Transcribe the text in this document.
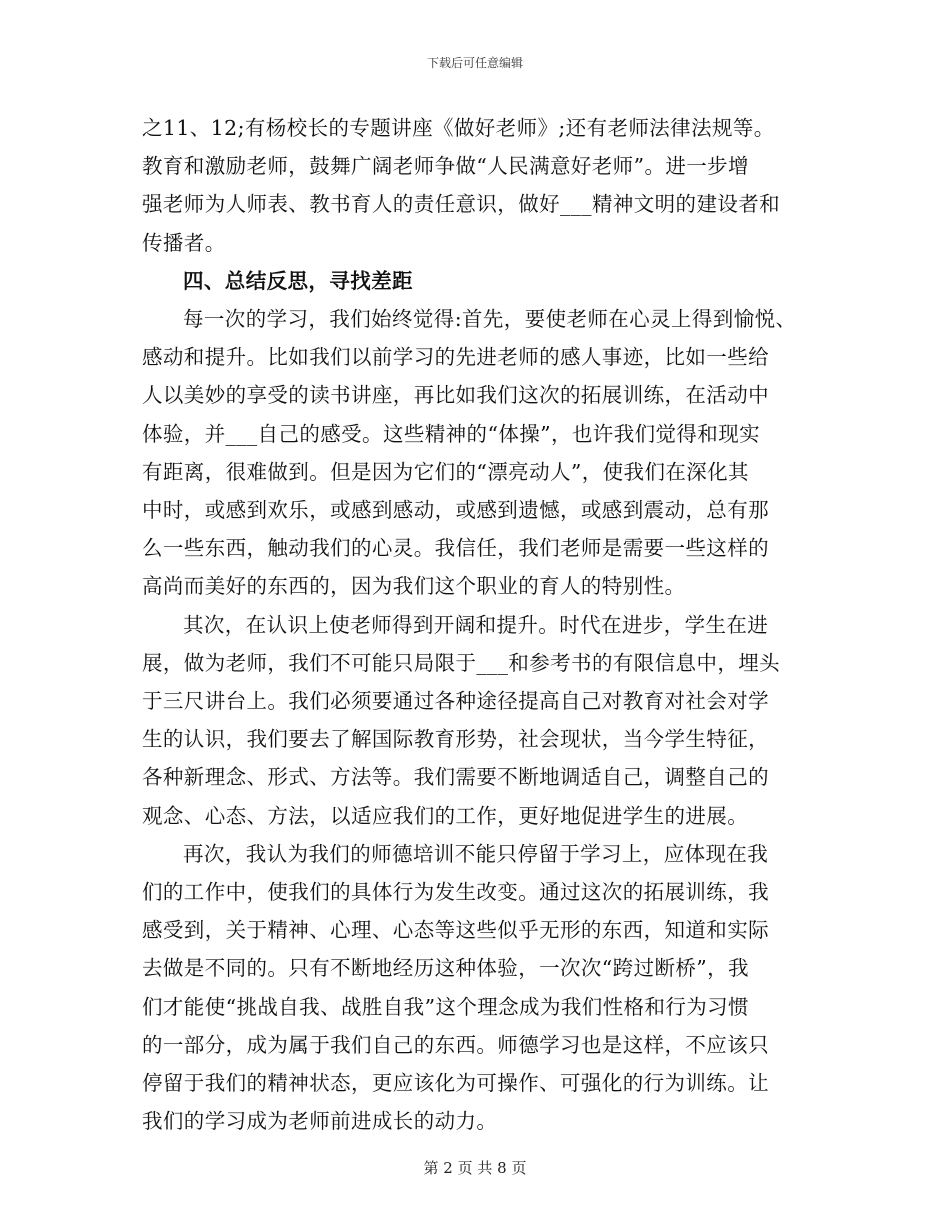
下载后可任意编辑

之11、12;有杨校长的专题讲座《做好老师》;还有老师法律法规等。
教育和激励老师，鼓舞广阔老师争做“人民满意好老师”。进一步增
强老师为人师表、教书育人的责任意识，做好___精神文明的建设者和
传播者。

四、总结反思，寻找差距

每一次的学习，我们始终觉得:首先，要使老师在心灵上得到愉悦、
感动和提升。比如我们以前学习的先进老师的感人事迹，比如一些给
人以美妙的享受的读书讲座，再比如我们这次的拓展训练，在活动中
体验，并___自己的感受。这些精神的“体操”，也许我们觉得和现实
有距离，很难做到。但是因为它们的“漂亮动人”，使我们在深化其
中时，或感到欢乐，或感到感动，或感到遗憾，或感到震动，总有那
么一些东西，触动我们的心灵。我信任，我们老师是需要一些这样的
高尚而美好的东西的，因为我们这个职业的育人的特别性。

其次，在认识上使老师得到开阔和提升。时代在进步，学生在进
展，做为老师，我们不可能只局限于___和参考书的有限信息中，埋头
于三尺讲台上。我们必须要通过各种途径提高自己对教育对社会对学
生的认识，我们要去了解国际教育形势，社会现状，当今学生特征，
各种新理念、形式、方法等。我们需要不断地调适自己，调整自己的
观念、心态、方法，以适应我们的工作，更好地促进学生的进展。

再次，我认为我们的师德培训不能只停留于学习上，应体现在我
们的工作中，使我们的具体行为发生改变。通过这次的拓展训练，我
感受到，关于精神、心理、心态等这些似乎无形的东西，知道和实际
去做是不同的。只有不断地经历这种体验，一次次“跨过断桥”，我
们才能使“挑战自我、战胜自我”这个理念成为我们性格和行为习惯
的一部分，成为属于我们自己的东西。师德学习也是这样，不应该只
停留于我们的精神状态，更应该化为可操作、可强化的行为训练。让
我们的学习成为老师前进成长的动力。

第 2 页 共 8 页
